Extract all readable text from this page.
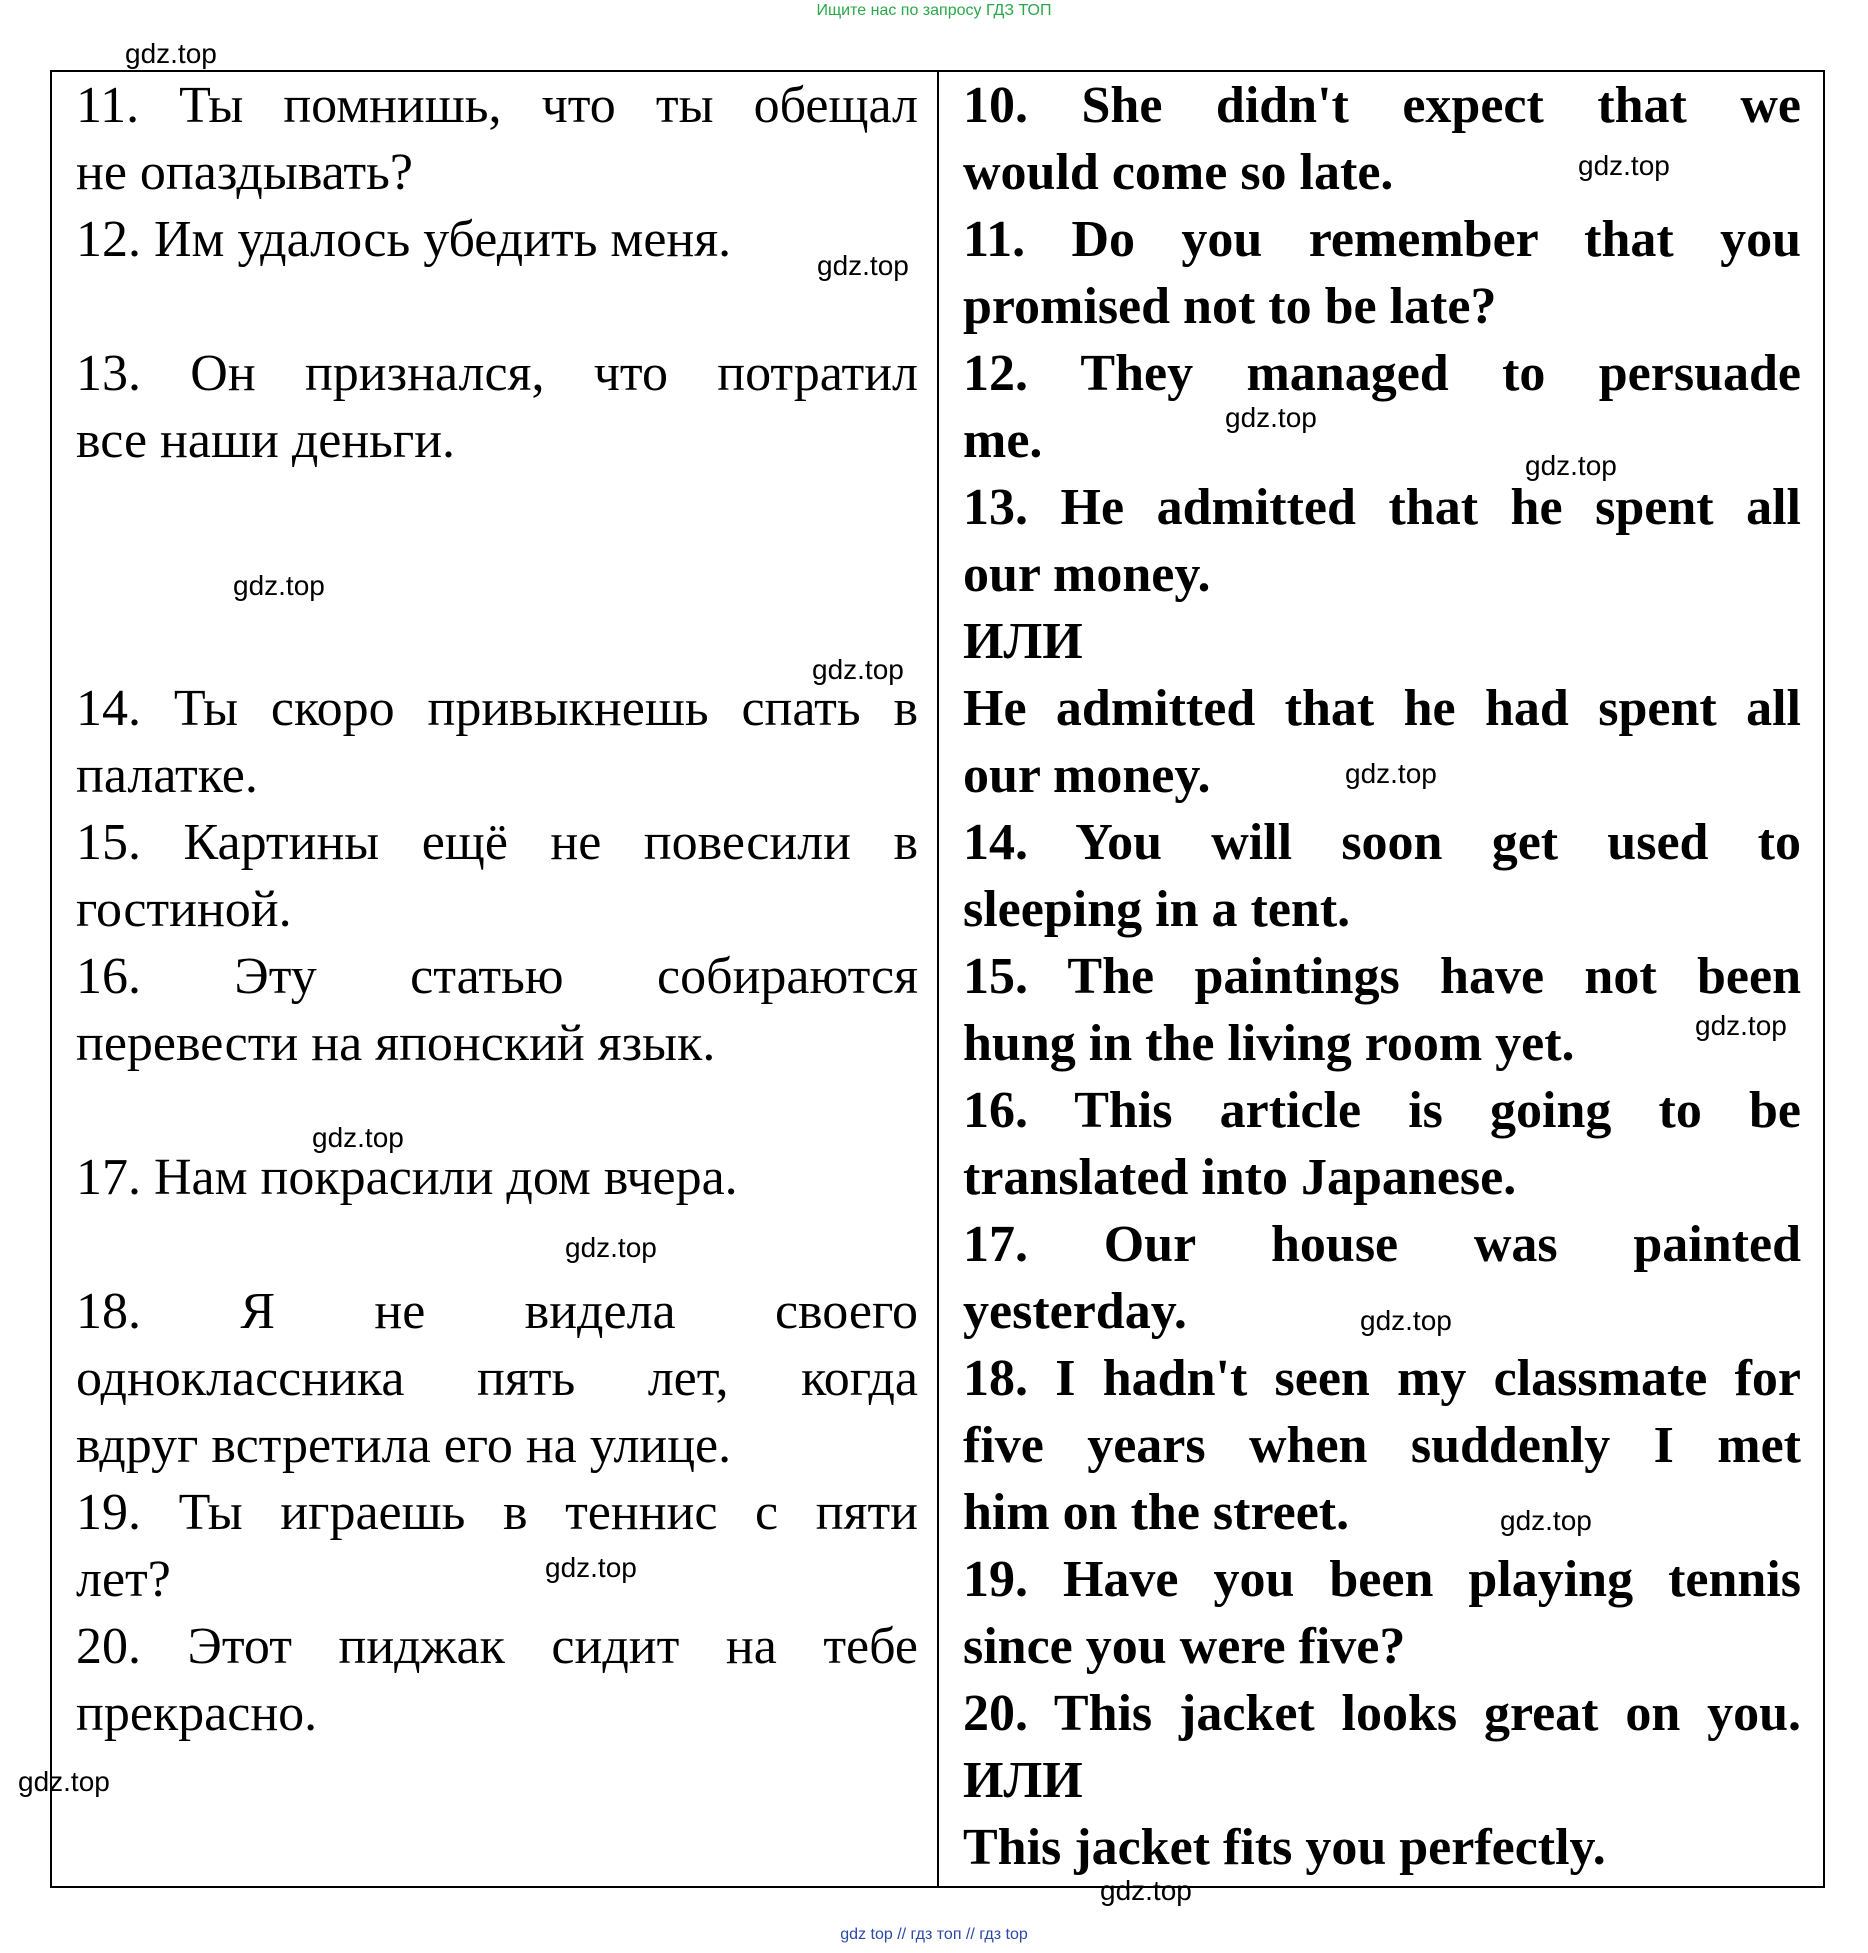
Ищите нас по запросу ГДЗ ТОП
11. Ты помнишь, что ты обещал
не опаздывать?
12. Им удалось убедить меня.
13. Он признался, что потратил
все наши деньги.
14. Ты скоро привыкнешь спать в
палатке.
15. Картины ещё не повесили в
гостиной.
16. Эту статью собираются
перевести на японский язык.
17. Нам покрасили дом вчера.
18. Я не видела своего
одноклассника пять лет, когда
вдруг встретила его на улице.
19. Ты играешь в теннис с пяти
лет?
20. Этот пиджак сидит на тебе
прекрасно.
10. She didn't expect that we
would come so late.
11. Do you remember that you
promised not to be late?
12. They managed to persuade
me.
13. He admitted that he spent all
our money.
ИЛИ
He admitted that he had spent all
our money.
14. You will soon get used to
sleeping in a tent.
15. The paintings have not been
hung in the living room yet.
16. This article is going to be
translated into Japanese.
17. Our house was painted
yesterday.
18. I hadn't seen my classmate for
five years when suddenly I met
him on the street.
19. Have you been playing tennis
since you were five?
20. This jacket looks great on you.
ИЛИ
This jacket fits you perfectly.
gdz.top
gdz.top
gdz.top
gdz.top
gdz.top
gdz.top
gdz.top
gdz.top
gdz.top
gdz.top
gdz.top
gdz.top
gdz.top
gdz.top
gdz.top
gdz.top
gdz top // гдз топ // гдз top
